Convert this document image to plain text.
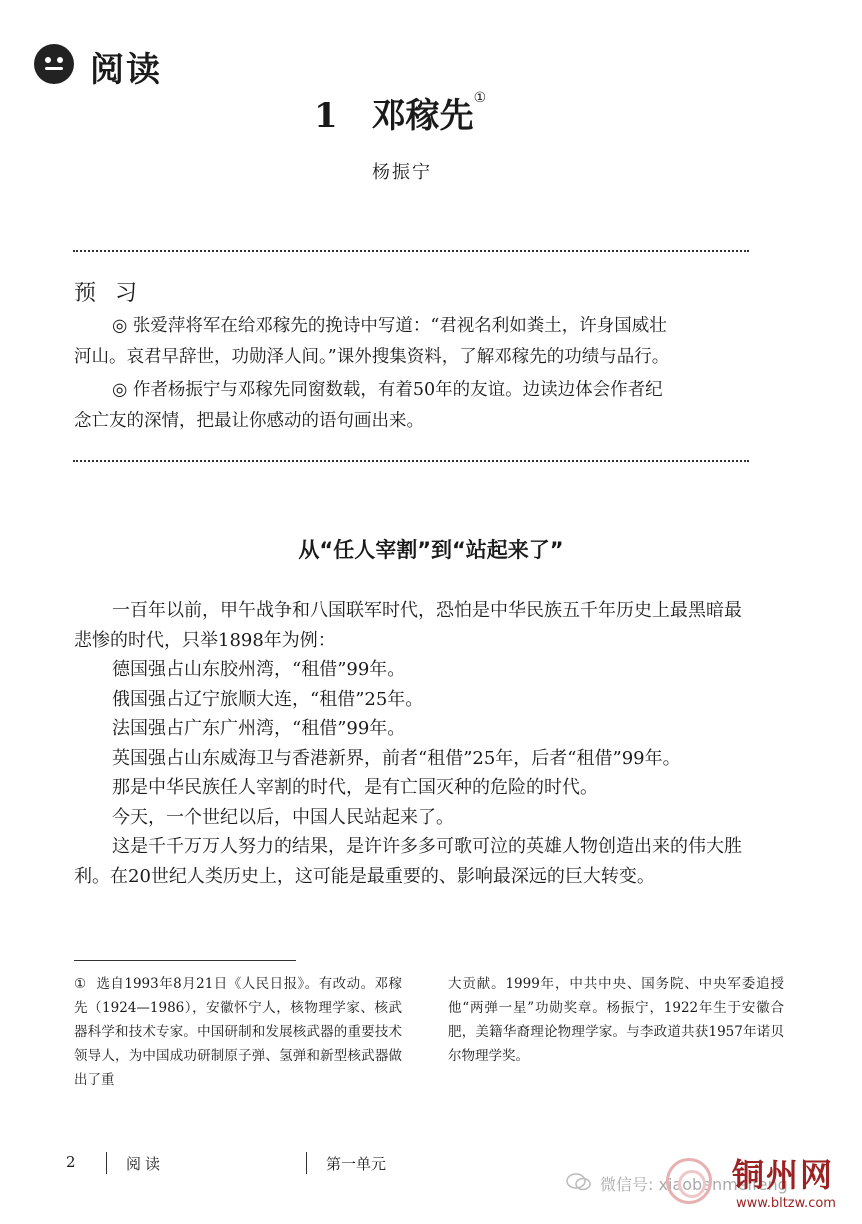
阅读
1 邓稼先①
杨振宁
预 习
◎ 张爱萍将军在给邓稼先的挽诗中写道：“君视名利如粪土，许身国威壮
河山。哀君早辞世，功勋泽人间。”课外搜集资料，了解邓稼先的功绩与品行。
◎ 作者杨振宁与邓稼先同窗数载，有着50年的友谊。边读边体会作者纪
念亡友的深情，把最让你感动的语句画出来。
从“任人宰割”到“站起来了”

一百年以前，甲午战争和八国联军时代，恐怕是中华民族五千年历史上最黑暗最悲惨的时代，只举1898年为例：

德国强占山东胶州湾，“租借”99年。

俄国强占辽宁旅顺大连，“租借”25年。

法国强占广东广州湾，“租借”99年。

英国强占山东威海卫与香港新界，前者“租借”25年，后者“租借”99年。

那是中华民族任人宰割的时代，是有亡国灭种的危险的时代。

今天，一个世纪以后，中国人民站起来了。

这是千千万万人努力的结果，是许许多多可歌可泣的英雄人物创造出来的伟大胜利。在20世纪人类历史上，这可能是最重要的、影响最深远的巨大转变。

① 选自1993年8月21日《人民日报》。有改动。邓稼先（1924—1986），安徽怀宁人，核物理学家、核武器科学和技术专家。中国研制和发展核武器的重要技术领导人，为中国成功研制原子弹、氢弹和新型核武器做出了重
大贡献。1999年，中共中央、国务院、中央军委追授他“两弹一星”功勋奖章。杨振宁，1922年生于安徽合肥，美籍华裔理论物理学家。与李政道共获1957年诺贝尔物理学奖。
2	阅读	第一单元
微信号: xiaobanmeifeng
铜州网
www.bltzw.com
